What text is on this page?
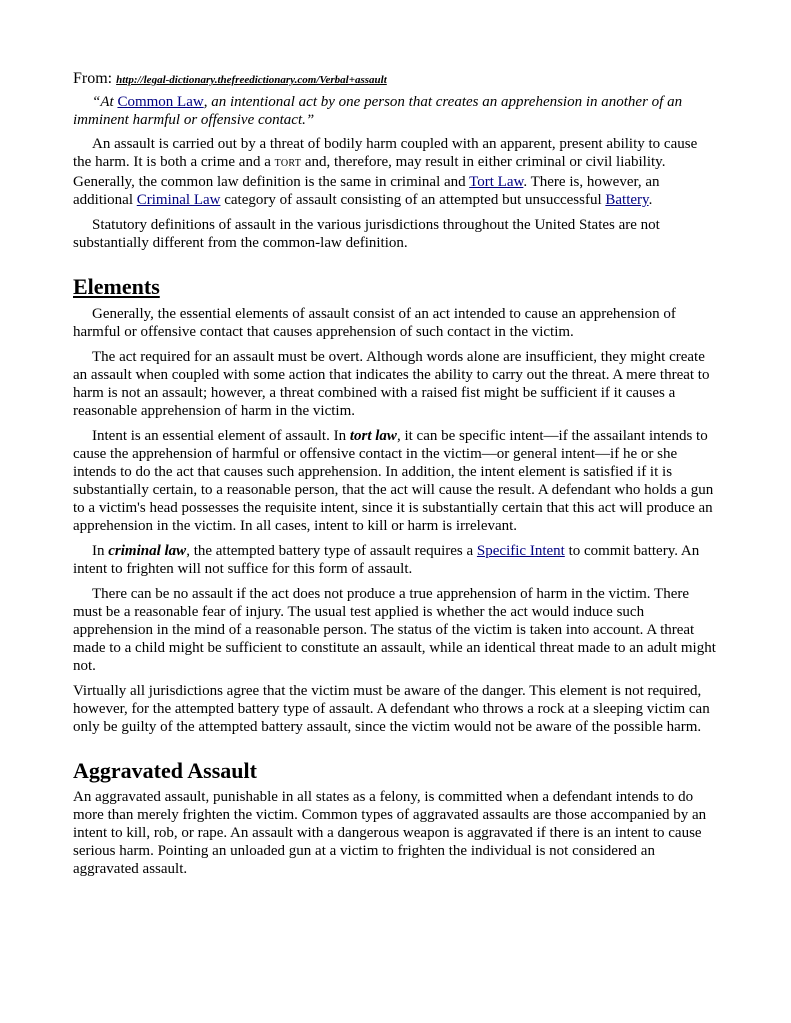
From: http://legal-dictionary.thefreedictionary.com/Verbal+assault

“At Common Law, an intentional act by one person that creates an apprehension in another of an imminent harmful or offensive contact.”

An assault is carried out by a threat of bodily harm coupled with an apparent, present ability to cause the harm. It is both a crime and a TORT and, therefore, may result in either criminal or civil liability. Generally, the common law definition is the same in criminal and Tort Law. There is, however, an additional Criminal Law category of assault consisting of an attempted but unsuccessful Battery.

Statutory definitions of assault in the various jurisdictions throughout the United States are not substantially different from the common-law definition.

Elements

Generally, the essential elements of assault consist of an act intended to cause an apprehension of harmful or offensive contact that causes apprehension of such contact in the victim.

The act required for an assault must be overt. Although words alone are insufficient, they might create an assault when coupled with some action that indicates the ability to carry out the threat. A mere threat to harm is not an assault; however, a threat combined with a raised fist might be sufficient if it causes a reasonable apprehension of harm in the victim.

Intent is an essential element of assault. In tort law, it can be specific intent—if the assailant intends to cause the apprehension of harmful or offensive contact in the victim—or general intent—if he or she intends to do the act that causes such apprehension. In addition, the intent element is satisfied if it is substantially certain, to a reasonable person, that the act will cause the result. A defendant who holds a gun to a victim's head possesses the requisite intent, since it is substantially certain that this act will produce an apprehension in the victim. In all cases, intent to kill or harm is irrelevant.

In criminal law, the attempted battery type of assault requires a Specific Intent to commit battery. An intent to frighten will not suffice for this form of assault.

There can be no assault if the act does not produce a true apprehension of harm in the victim. There must be a reasonable fear of injury. The usual test applied is whether the act would induce such apprehension in the mind of a reasonable person. The status of the victim is taken into account. A threat made to a child might be sufficient to constitute an assault, while an identical threat made to an adult might not.

Virtually all jurisdictions agree that the victim must be aware of the danger. This element is not required, however, for the attempted battery type of assault. A defendant who throws a rock at a sleeping victim can only be guilty of the attempted battery assault, since the victim would not be aware of the possible harm.

Aggravated Assault

An aggravated assault, punishable in all states as a felony, is committed when a defendant intends to do more than merely frighten the victim. Common types of aggravated assaults are those accompanied by an intent to kill, rob, or rape. An assault with a dangerous weapon is aggravated if there is an intent to cause serious harm. Pointing an unloaded gun at a victim to frighten the individual is not considered an aggravated assault.
